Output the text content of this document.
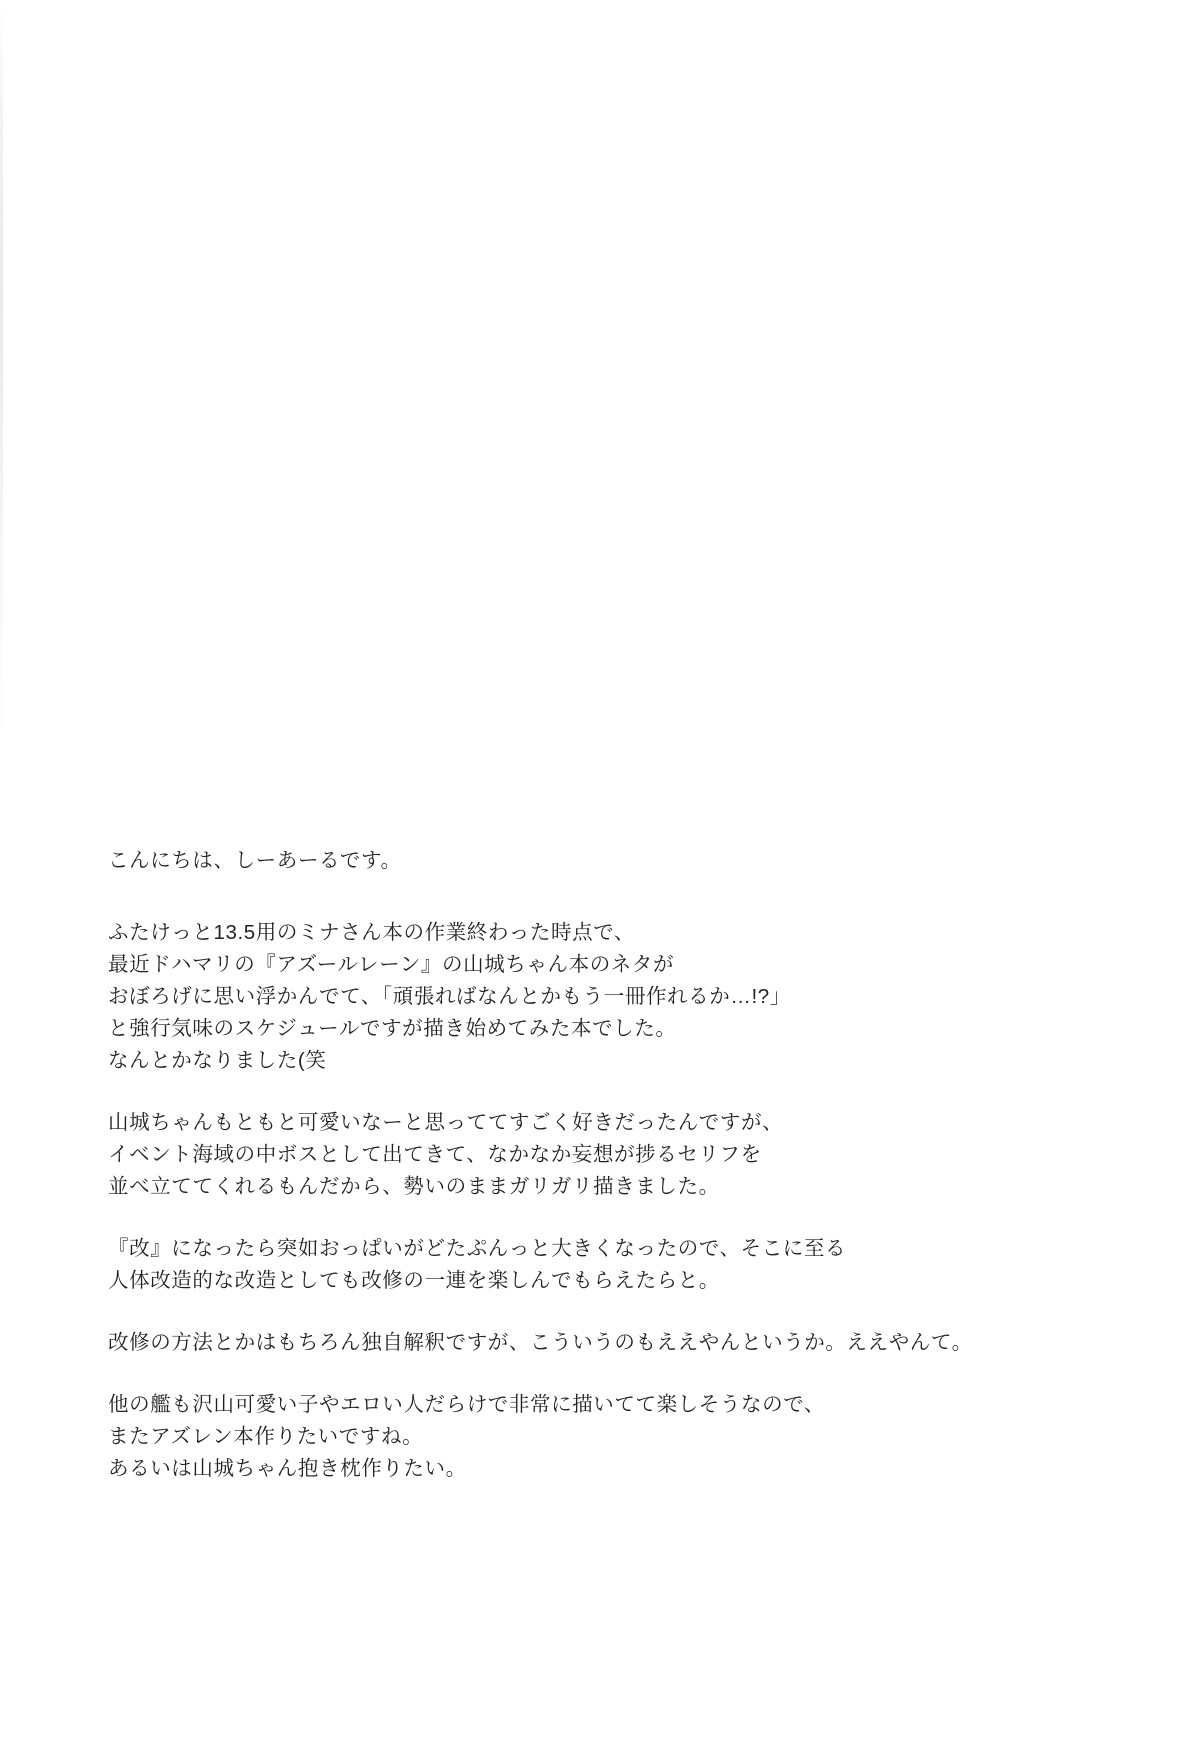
こんにちは、しーあーるです。
ふたけっと13.5用のミナさん本の作業終わった時点で、
最近ドハマリの『アズールレーン』の山城ちゃん本のネタが
おぼろげに思い浮かんでて、「頑張ればなんとかもう一冊作れるか…!?」
と強行気味のスケジュールですが描き始めてみた本でした。
なんとかなりました(笑
山城ちゃんもともと可愛いなーと思っててすごく好きだったんですが、
イベント海域の中ボスとして出てきて、なかなか妄想が捗るセリフを
並べ立ててくれるもんだから、勢いのままガリガリ描きました。
『改』になったら突如おっぱいがどたぷんっと大きくなったので、そこに至る
人体改造的な改造としても改修の一連を楽しんでもらえたらと。
改修の方法とかはもちろん独自解釈ですが、こういうのもええやんというか。ええやんて。
他の艦も沢山可愛い子やエロい人だらけで非常に描いてて楽しそうなので、
またアズレン本作りたいですね。
あるいは山城ちゃん抱き枕作りたい。
